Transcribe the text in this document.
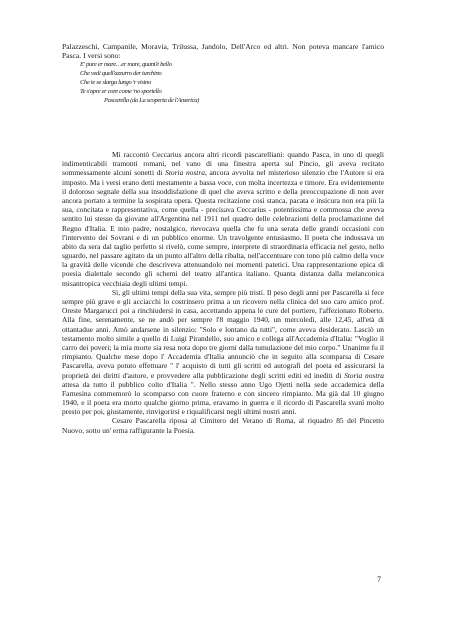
Palazzeschi, Campanile, Moravia, Trilussa, Jandolo, Dell'Arco ed altri. Non poteva mancare l'amico Pasca. I versi sono:
E' pure er mare…er mare, quant'è bello
Che vedi quell'azzurro der turchino
Che te se slarga lungo 'r visino
Te s'apre er core come 'no sportello
Pascarella (da La scoperta de l'America)

Mi raccontò Ceccarius ancora altri ricordi pascarelliani: quando Pasca, in uno di quegli indimenticabili tramonti romani, nel vano di una finestra aperta sul Pincio, gli aveva recitato sommessamente alcuni sonetti di Storia nostra, ancora avvolta nel misterioso silenzio che l'Autore si era imposto. Ma i versi erano detti mestamente a bassa voce, con molta incertezza e timore. Era evidentemente il doloroso segnale della sua insoddisfazione di quel che aveva scritto e della preoccupazione di non aver ancora portato a termine la sospirata opera. Questa recitazione così stanca, pacata e insicura non era più la sua, concitata e rappresentativa, come quella - precisava Ceccarius - potentissima e commossa che aveva sentito lui stesso da giovane all'Argentina nel 1911 nel quadro delle celebrazioni della proclamazione del Regno d'Italia. E mio padre, nostalgico, rievocava quella che fu una serata delle grandi occasioni con l'intervento dei Sovrani e di un pubblico enorme. Un travolgente entusiasmo. Il poeta che indossava un abito da sera dal taglio perfetto si rivelò, come sempre, interprete di straordinaria efficacia nel gesto, nello sguardo, nel passare agitato da un punto all'altro della ribalta, nell'accentuare con tono più calmo della voce la gravità delle vicende che descriveva attenuandolo nei momenti patetici. Una rappresentazione epica di poesia dialettale secondo gli schemi del teatro all'antica italiano. Quanta distanza dalla melanconica misantropica vecchiaia degli ultimi tempi.

Sì, gli ultimi tempi della sua vita, sempre più tristi. Il peso degli anni per Pascarella si fece sempre più grave e gli acciacchi lo costrinsero prima a un ricovero nella clinica del suo caro amico prof. Oreste Margarucci poi a rinchiudersi in casa, accettando appena le cure del portiere, l'affezionato Roberto. Alla fine, serenamente, se ne andò per sempre l'8 maggio 1940, un mercoledì, alle 12,45, all'età di ottantadue anni. Amò andarsene in silenzio: "Solo e lontano da tutti", come aveva desiderato. Lasciò un testamento molto simile a quello di Luigi Pirandello, suo amico e collega all'Accademia d'Italia: "Voglio il carro dei poveri; la mia morte sia resa nota dopo tre giorni dalla tumulazione del mio corpo." Unanime fu il rimpianto. Qualche mese dopo l' Accademia d'Italia annunciò che in seguito alla scomparsa di Cesare Pascarella, aveva potuto effettuare " l' acquisto di tutti gli scritti ed autografi del poeta ed assicurarsi la proprietà dei diritti d'autore, e provvedere alla pubblicazione degli scritti editi ed inediti di Storia nostra attesa da tutto il pubblico colto d'Italia ". Nello stesso anno Ugo Ojetti nella sede accademica della Farnesina commemorò lo scomparso con cuore fraterno e con sincero rimpianto. Ma già dal 10 giugno 1940, e il poeta era morto qualche giorno prima, eravamo in guerra e il ricordo di Pascarella svanì molto presto per poi, giustamente, rinvigorirsi e riqualificarsi negli ultimi nostri anni.

Cesare Pascarella riposa al Cimitero del Verano di Roma, al riquadro 85 del Pincetto Nuovo, sotto un' erma raffigurante la Poesia.

7
